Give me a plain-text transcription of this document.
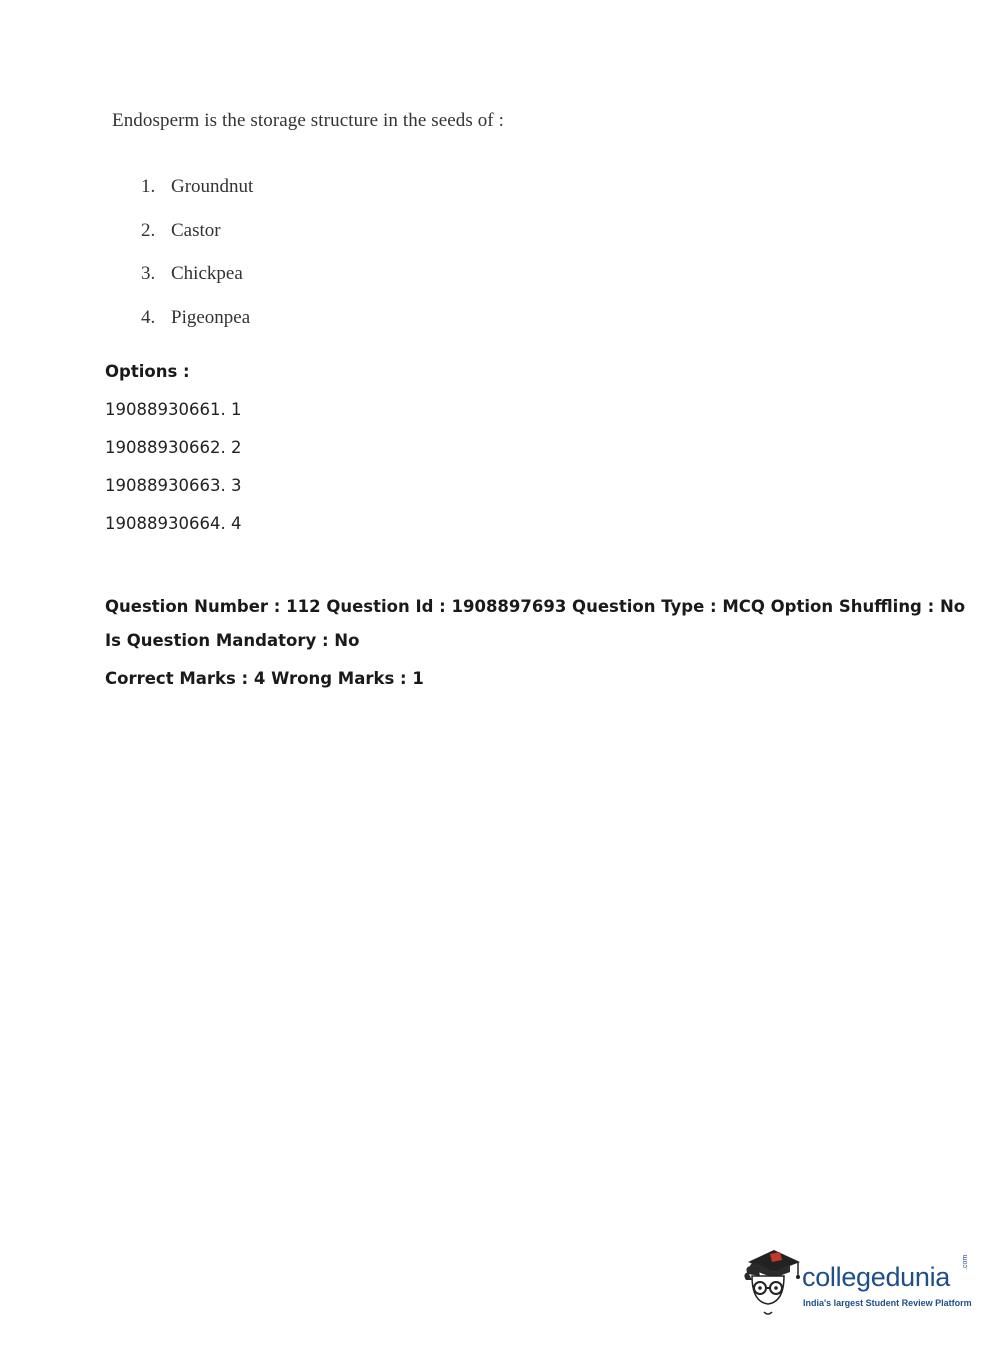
Endosperm is the storage structure in the seeds of :

1. Groundnut
2. Castor
3. Chickpea
4. Pigeonpea
Options :
19088930661. 1
19088930662. 2
19088930663. 3
19088930664. 4
Question Number : 112 Question Id : 1908897693 Question Type : MCQ Option Shuffling : No
Is Question Mandatory : No
Correct Marks : 4 Wrong Marks : 1
collegedunia .com
India's largest Student Review Platform
